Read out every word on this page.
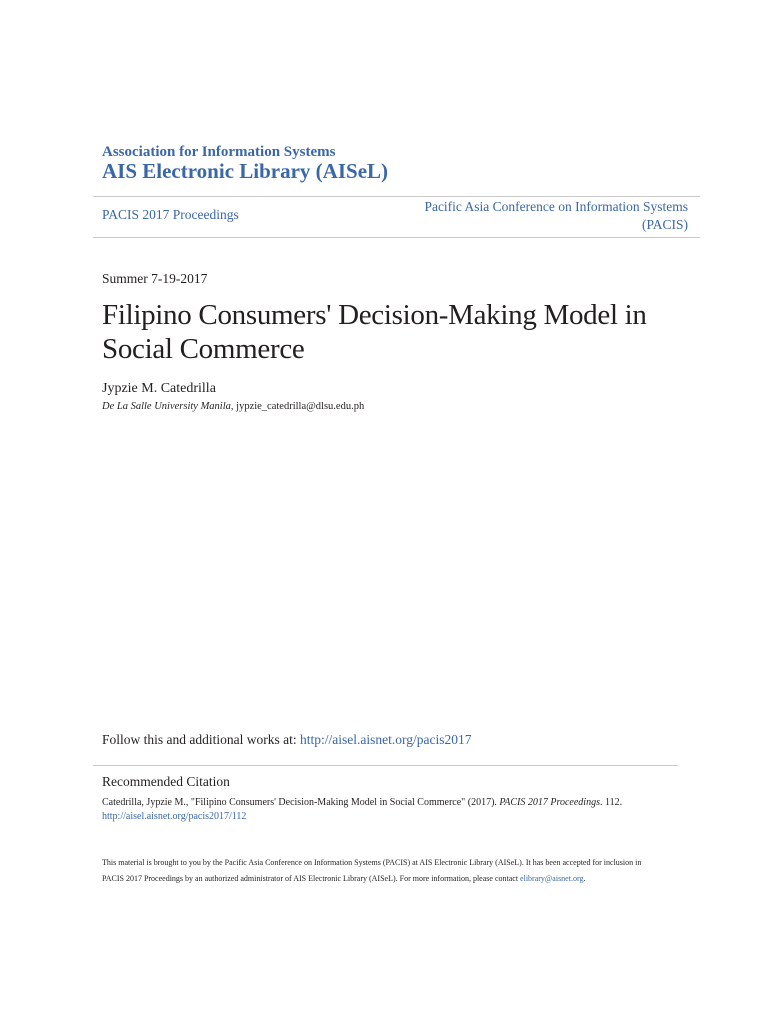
Association for Information Systems
AIS Electronic Library (AISeL)
PACIS 2017 Proceedings
Pacific Asia Conference on Information Systems
(PACIS)
Summer 7-19-2017
Filipino Consumers' Decision-Making Model in Social Commerce
Jypzie M. Catedrilla
De La Salle University Manila, jypzie_catedrilla@dlsu.edu.ph
Follow this and additional works at: http://aisel.aisnet.org/pacis2017
Recommended Citation
Catedrilla, Jypzie M., "Filipino Consumers' Decision-Making Model in Social Commerce" (2017). PACIS 2017 Proceedings. 112.
http://aisel.aisnet.org/pacis2017/112
This material is brought to you by the Pacific Asia Conference on Information Systems (PACIS) at AIS Electronic Library (AISeL). It has been accepted for inclusion in PACIS 2017 Proceedings by an authorized administrator of AIS Electronic Library (AISeL). For more information, please contact elibrary@aisnet.org.
